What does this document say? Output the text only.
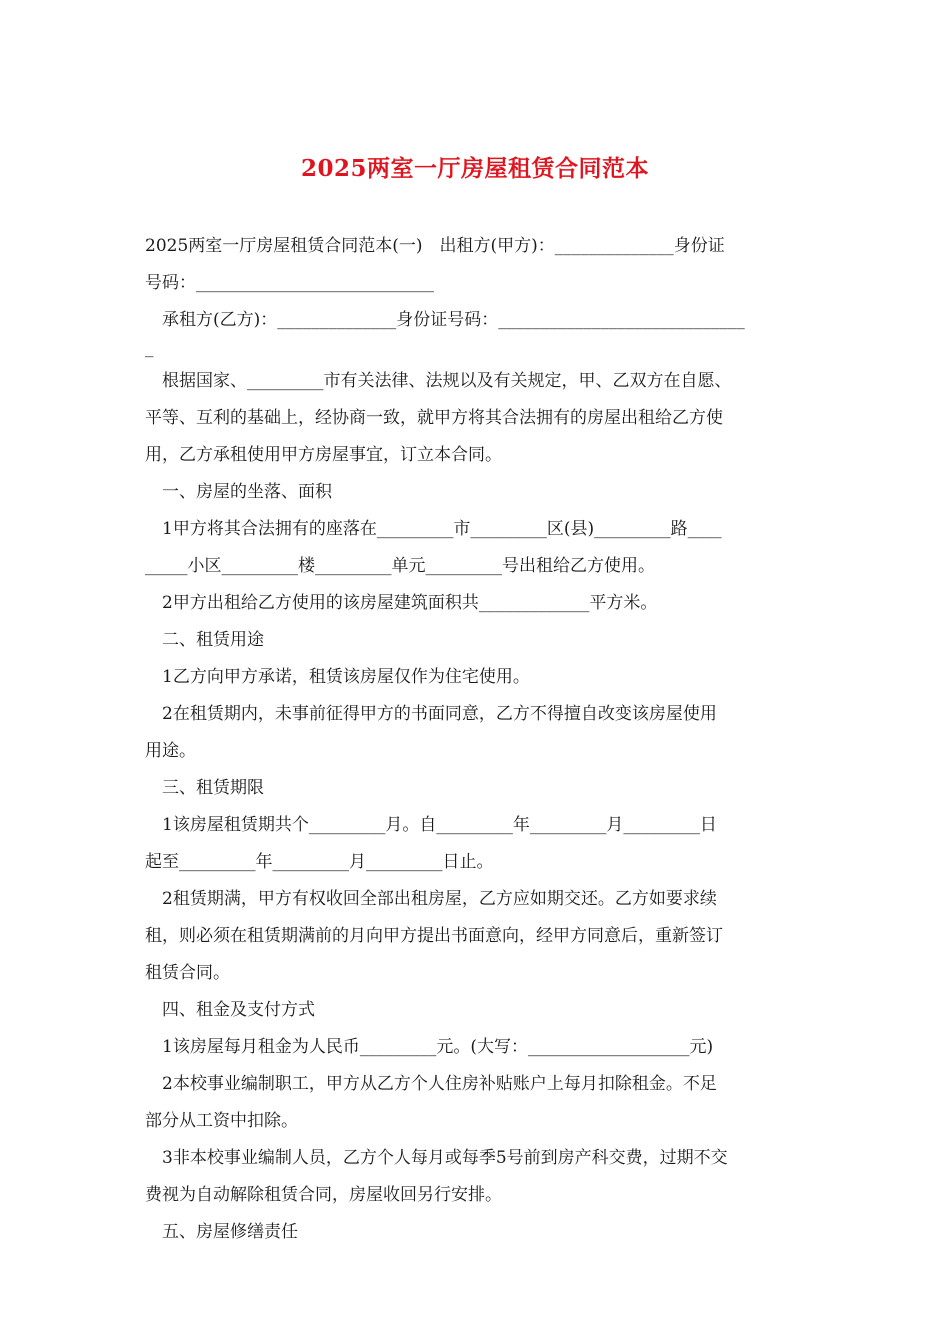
2025两室一厅房屋租赁合同范本
2025两室一厅房屋租赁合同范本(一)　出租方(甲方)：______________身份证
号码：____________________________
承租方(乙方)：______________身份证号码：_____________________________
_
根据国家、_________市有关法律、法规以及有关规定，甲、乙双方在自愿、
平等、互利的基础上，经协商一致，就甲方将其合法拥有的房屋出租给乙方使
用，乙方承租使用甲方房屋事宜，订立本合同。
一、房屋的坐落、面积
1甲方将其合法拥有的座落在_________市_________区(县)_________路____
_____小区_________楼_________单元_________号出租给乙方使用。
2甲方出租给乙方使用的该房屋建筑面积共_____________平方米。
二、租赁用途
1乙方向甲方承诺，租赁该房屋仅作为住宅使用。
2在租赁期内，未事前征得甲方的书面同意，乙方不得擅自改变该房屋使用
用途。
三、租赁期限
1该房屋租赁期共个_________月。自_________年_________月_________日
起至_________年_________月_________日止。
2租赁期满，甲方有权收回全部出租房屋，乙方应如期交还。乙方如要求续
租，则必须在租赁期满前的月向甲方提出书面意向，经甲方同意后，重新签订
租赁合同。
四、租金及支付方式
1该房屋每月租金为人民币_________元。(大写：___________________元)
2本校事业编制职工，甲方从乙方个人住房补贴账户上每月扣除租金。不足
部分从工资中扣除。
3非本校事业编制人员，乙方个人每月或每季5号前到房产科交费，过期不交
费视为自动解除租赁合同，房屋收回另行安排。
五、房屋修缮责任
